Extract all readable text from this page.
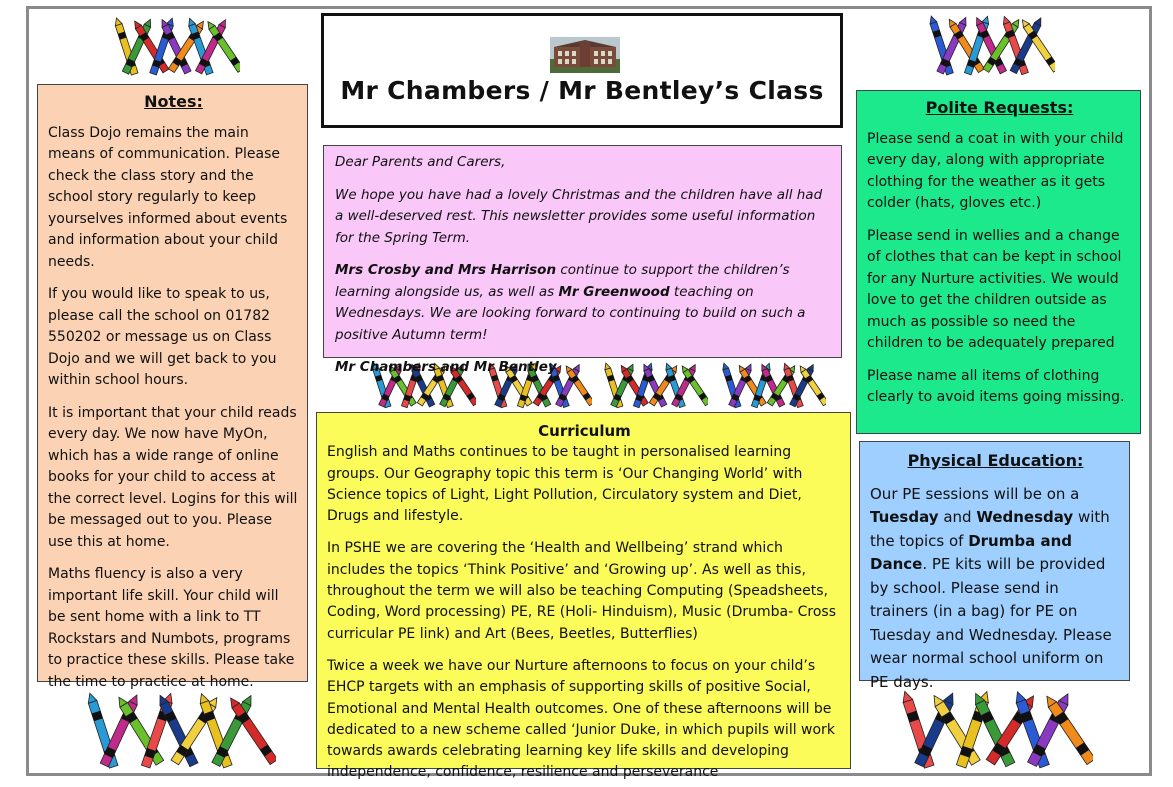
Notes:

Class Dojo remains the main means of communication. Please check the class story and the school story regularly to keep yourselves informed about events and information about your child needs.

If you would like to speak to us, please call the school on 01782 550202 or message us on Class Dojo and we will get back to you within school hours.

It is important that your child reads every day. We now have MyOn, which has a wide range of online books for your child to access at the correct level. Logins for this will be messaged out to you. Please use this at home.

Maths fluency is also a very important life skill. Your child will be sent home with a link to TT Rockstars and Numbots, programs to practice these skills. Please take the time to practice at home.

Mr Chambers / Mr Bentley’s Class

Dear Parents and Carers,

We hope you have had a lovely Christmas and the children have all had a well-deserved rest. This newsletter provides some useful information for the Spring Term.

Mrs Crosby and Mrs Harrison continue to support the children’s learning alongside us, as well as Mr Greenwood teaching on Wednesdays. We are looking forward to continuing to build on such a positive Autumn term!

Mr Chambers and Mr Bentley

Curriculum

English and Maths continues to be taught in personalised learning groups. Our Geography topic this term is ‘Our Changing World’ with Science topics of Light, Light Pollution, Circulatory system and Diet, Drugs and lifestyle.

In PSHE we are covering the ‘Health and Wellbeing’ strand which includes the topics ‘Think Positive’ and ‘Growing up’. As well as this, throughout the term we will also be teaching Computing (Speadsheets, Coding, Word processing) PE, RE (Holi- Hinduism), Music (Drumba- Cross curricular PE link) and Art (Bees, Beetles, Butterflies)

Twice a week we have our Nurture afternoons to focus on your child’s EHCP targets with an emphasis of supporting skills of positive Social, Emotional and Mental Health outcomes. One of these afternoons will be dedicated to a new scheme called ‘Junior Duke, in which pupils will work towards awards celebrating learning key life skills and developing independence, confidence, resilience and perseverance

Polite Requests:

Please send a coat in with your child every day, along with appropriate clothing for the weather as it gets colder (hats, gloves etc.)

Please send in wellies and a change of clothes that can be kept in school for any Nurture activities. We would love to get the children outside as much as possible so need the children to be adequately prepared

Please name all items of clothing clearly to avoid items going missing.

Physical Education:

Our PE sessions will be on a Tuesday and Wednesday with the topics of Drumba and Dance. PE kits will be provided by school. Please send in trainers (in a bag) for PE on Tuesday and Wednesday. Please wear normal school uniform on PE days.
